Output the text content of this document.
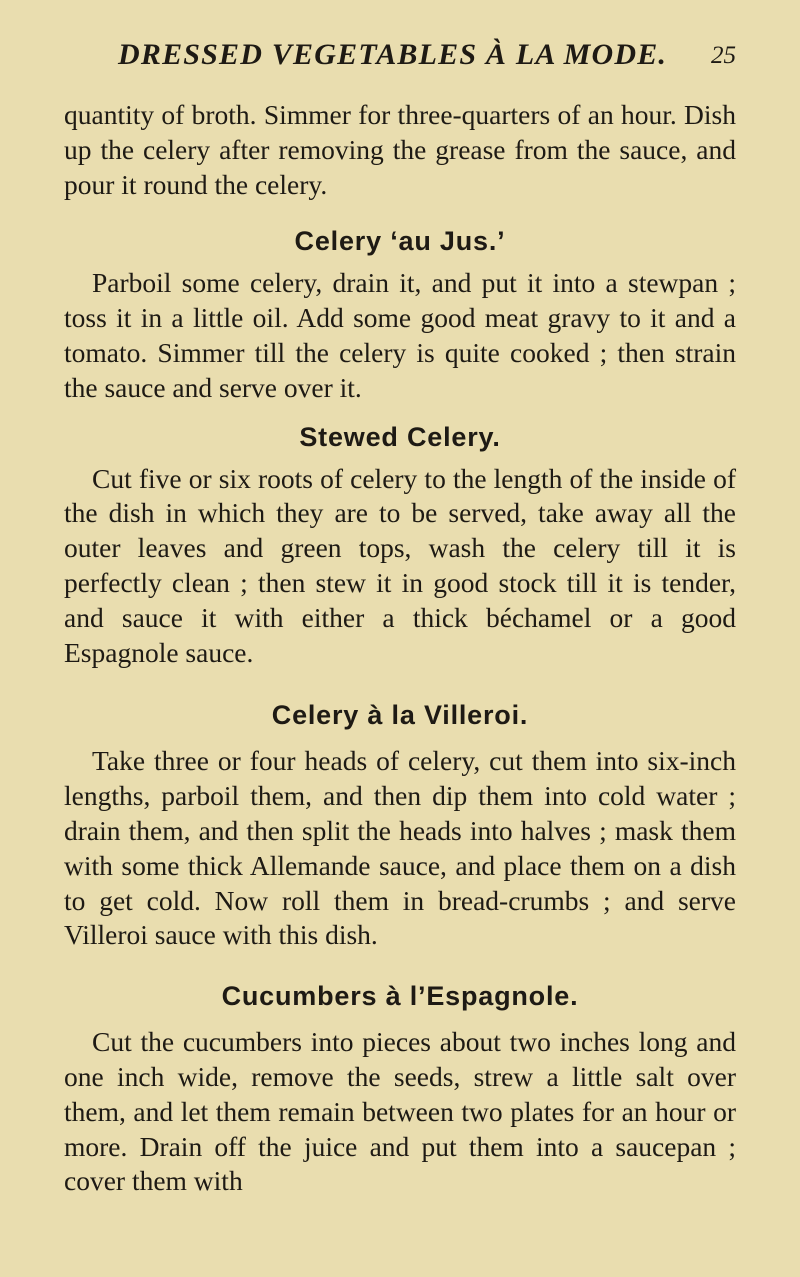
DRESSED VEGETABLES À LA MODE. 25

quantity of broth. Simmer for three-quarters of an hour. Dish up the celery after removing the grease from the sauce, and pour it round the celery.

Celery ‘au Jus.’

Parboil some celery, drain it, and put it into a stewpan ; toss it in a little oil. Add some good meat gravy to it and a tomato. Simmer till the celery is quite cooked ; then strain the sauce and serve over it.

Stewed Celery.

Cut five or six roots of celery to the length of the inside of the dish in which they are to be served, take away all the outer leaves and green tops, wash the celery till it is perfectly clean ; then stew it in good stock till it is tender, and sauce it with either a thick béchamel or a good Espagnole sauce.

Celery à la Villeroi.

Take three or four heads of celery, cut them into six-inch lengths, parboil them, and then dip them into cold water ; drain them, and then split the heads into halves ; mask them with some thick Allemande sauce, and place them on a dish to get cold. Now roll them in bread-crumbs ; and serve Villeroi sauce with this dish.

Cucumbers à l’Espagnole.

Cut the cucumbers into pieces about two inches long and one inch wide, remove the seeds, strew a little salt over them, and let them remain between two plates for an hour or more. Drain off the juice and put them into a saucepan ; cover them with
